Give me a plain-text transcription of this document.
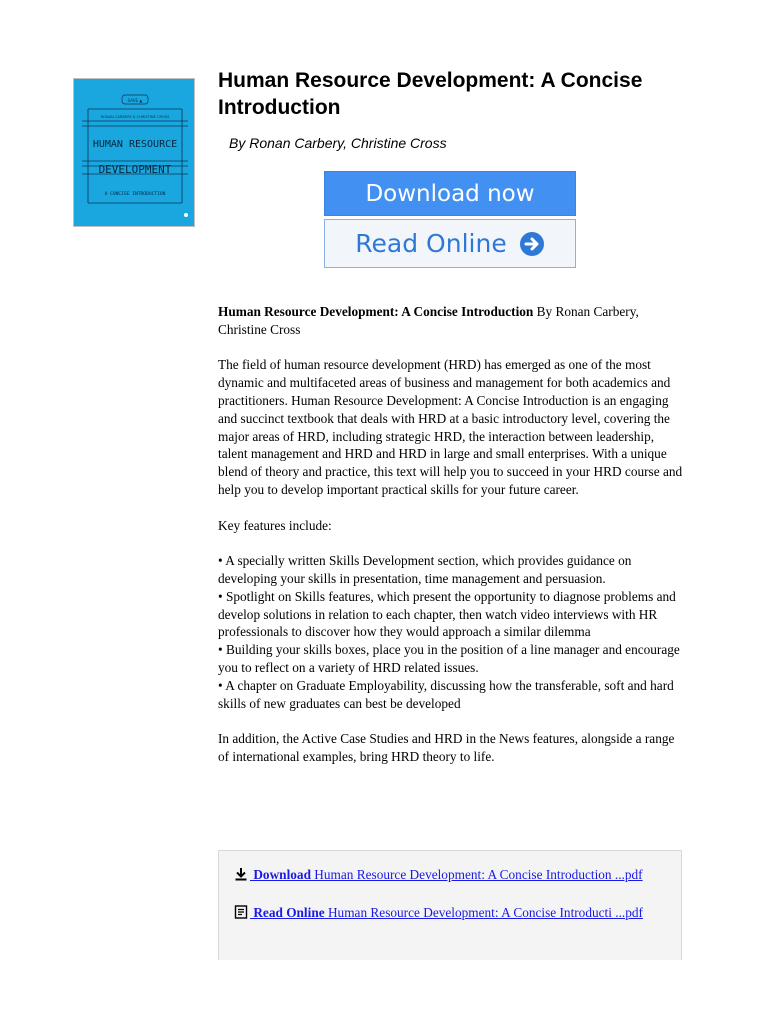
SAVE ▲
RONAN CARBERY & CHRISTINE CROSS
HUMAN RESOURCE
DEVELOPMENT
A CONCISE INTRODUCTION
Human Resource Development: A Concise Introduction
By Ronan Carbery, Christine Cross
Download now
Read Online

Human Resource Development: A Concise Introduction By Ronan Carbery, Christine Cross

The field of human resource development (HRD) has emerged as one of the most dynamic and multifaceted areas of business and management for both academics and practitioners. Human Resource Development: A Concise Introduction is an engaging and succinct textbook that deals with HRD at a basic introductory level, covering the major areas of HRD, including strategic HRD, the interaction between leadership, talent management and HRD and HRD in large and small enterprises. With a unique blend of theory and practice, this text will help you to succeed in your HRD course and help you to develop important practical skills for your future career.

Key features include:

• A specially written Skills Development section, which provides guidance on developing your skills in presentation, time management and persuasion.
• Spotlight on Skills features, which present the opportunity to diagnose problems and develop solutions in relation to each chapter, then watch video interviews with HR professionals to discover how they would approach a similar dilemma
• Building your skills boxes, place you in the position of a line manager and encourage you to reflect on a variety of HRD related issues.
• A chapter on Graduate Employability, discussing how the transferable, soft and hard skills of new graduates can best be developed

In addition, the Active Case Studies and HRD in the News features, alongside a range of international examples, bring HRD theory to life.

Download Human Resource Development: A Concise Introduction ...pdf
Read Online Human Resource Development: A Concise Introducti ...pdf
